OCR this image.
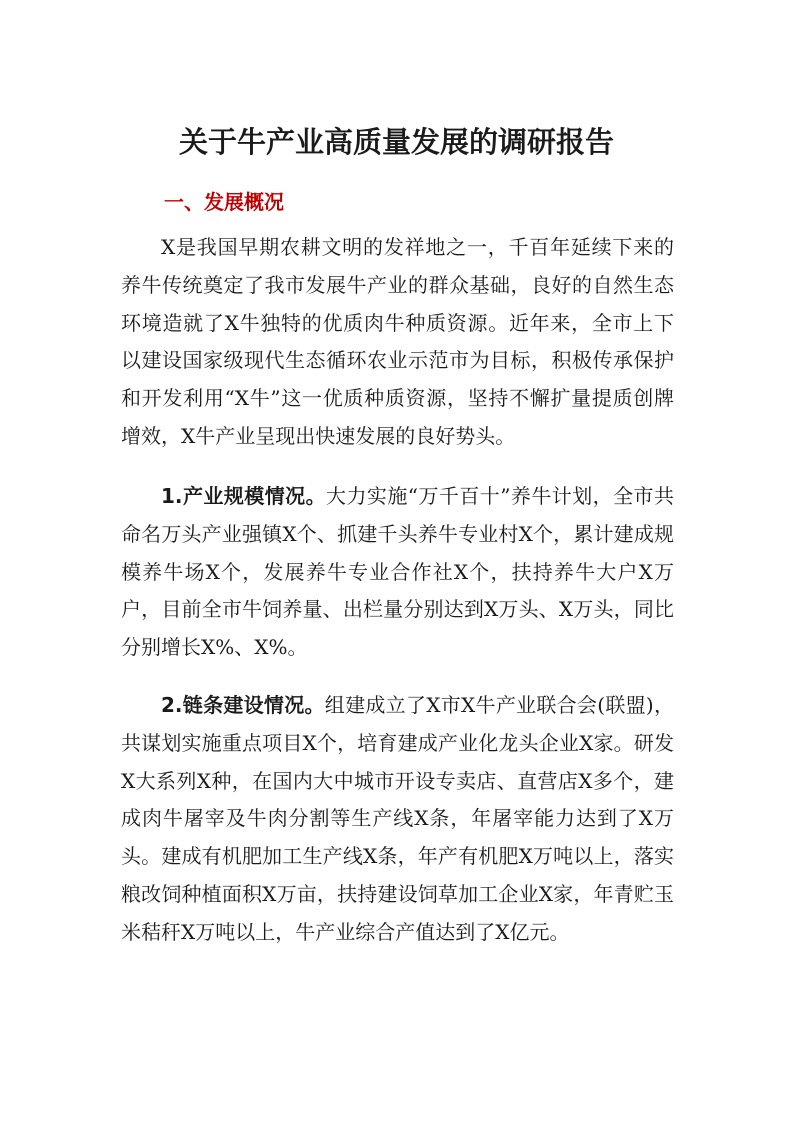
关于牛产业高质量发展的调研报告
一、发展概况

X是我国早期农耕文明的发祥地之一，千百年延续下来的养牛传统奠定了我市发展牛产业的群众基础，良好的自然生态环境造就了X牛独特的优质肉牛种质资源。近年来，全市上下以建设国家级现代生态循环农业示范市为目标，积极传承保护和开发利用“X牛”这一优质种质资源，坚持不懈扩量提质创牌增效，X牛产业呈现出快速发展的良好势头。

1.产业规模情况。大力实施“万千百十”养牛计划，全市共命名万头产业强镇X个、抓建千头养牛专业村X个，累计建成规模养牛场X个，发展养牛专业合作社X个，扶持养牛大户X万户，目前全市牛饲养量、出栏量分别达到X万头、X万头，同比分别增长X%、X%。

2.链条建设情况。组建成立了X市X牛产业联合会(联盟)，共谋划实施重点项目X个，培育建成产业化龙头企业X家。研发X大系列X种，在国内大中城市开设专卖店、直营店X多个，建成肉牛屠宰及牛肉分割等生产线X条，年屠宰能力达到了X万头。建成有机肥加工生产线X条，年产有机肥X万吨以上，落实粮改饲种植面积X万亩，扶持建设饲草加工企业X家，年青贮玉米秸秆X万吨以上，牛产业综合产值达到了X亿元。
